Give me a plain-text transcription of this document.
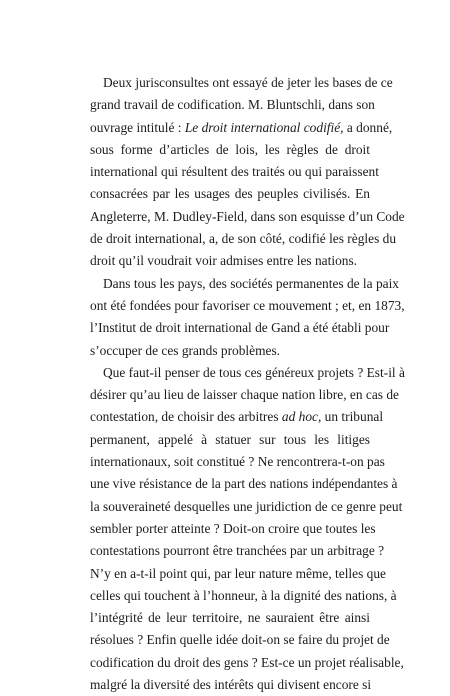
Deux jurisconsultes ont essayé de jeter les bases de ce
grand travail de codification. M. Bluntschli, dans son
ouvrage intitulé : Le droit international codifié, a donné,
sous forme d’articles de lois, les règles de droit
international qui résultent des traités ou qui paraissent
consacrées par les usages des peuples civilisés. En
Angleterre, M. Dudley-Field, dans son esquisse d’un Code
de droit international, a, de son côté, codifié les règles du
droit qu’il voudrait voir admises entre les nations.
Dans tous les pays, des sociétés permanentes de la paix
ont été fondées pour favoriser ce mouvement ; et, en 1873,
l’Institut de droit international de Gand a été établi pour
s’occuper de ces grands problèmes.
Que faut-il penser de tous ces généreux projets ? Est-il à
désirer qu’au lieu de laisser chaque nation libre, en cas de
contestation, de choisir des arbitres ad hoc, un tribunal
permanent, appelé à statuer sur tous les litiges
internationaux, soit constitué ? Ne rencontrera-t-on pas
une vive résistance de la part des nations indépendantes à
la souveraineté desquelles une juridiction de ce genre peut
sembler porter atteinte ? Doit-on croire que toutes les
contestations pourront être tranchées par un arbitrage ?
N’y en a-t-il point qui, par leur nature même, telles que
celles qui touchent à l’honneur, à la dignité des nations, à
l’intégrité de leur territoire, ne sauraient être ainsi
résolues ? Enfin quelle idée doit-on se faire du projet de
codification du droit des gens ? Est-ce un projet réalisable,
malgré la diversité des intérêts qui divisent encore si
